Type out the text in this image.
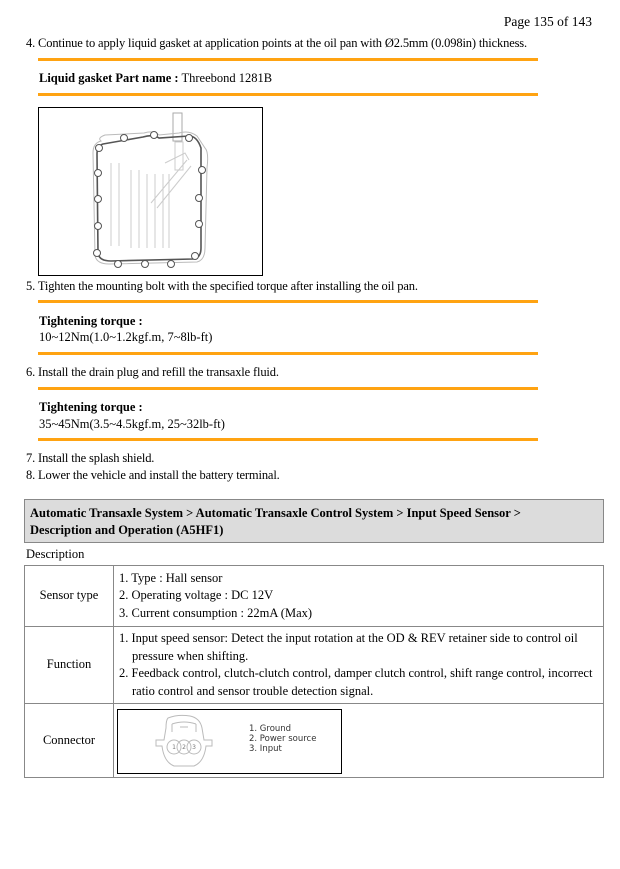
Page 135 of 143
4. Continue to apply liquid gasket at application points at the oil pan with Ø2.5mm (0.098in) thickness.
Liquid gasket Part name : Threebond 1281B
5. Tighten the mounting bolt with the specified torque after installing the oil pan.
Tightening torque :
10~12Nm(1.0~1.2kgf.m, 7~8lb-ft)
6. Install the drain plug and refill the transaxle fluid.
Tightening torque :
35~45Nm(3.5~4.5kgf.m, 25~32lb-ft)
7. Install the splash shield.
8. Lower the vehicle and install the battery terminal.
Automatic Transaxle System > Automatic Transaxle Control System > Input Speed Sensor >
Description and Operation (A5HF1)
Description
Sensor type	1. Type : Hall sensor
2. Operating voltage : DC 12V
3. Current consumption : 22mA (Max)

Function	1. Input speed sensor: Detect the input rotation at the OD & REV retainer side to control oil pressure when shifting.
2. Feedback control, clutch-clutch control, damper clutch control, shift range control, incorrect ratio control and sensor trouble detection signal.

Connector	
1 2 3
1. Ground
2. Power source
3. Input
